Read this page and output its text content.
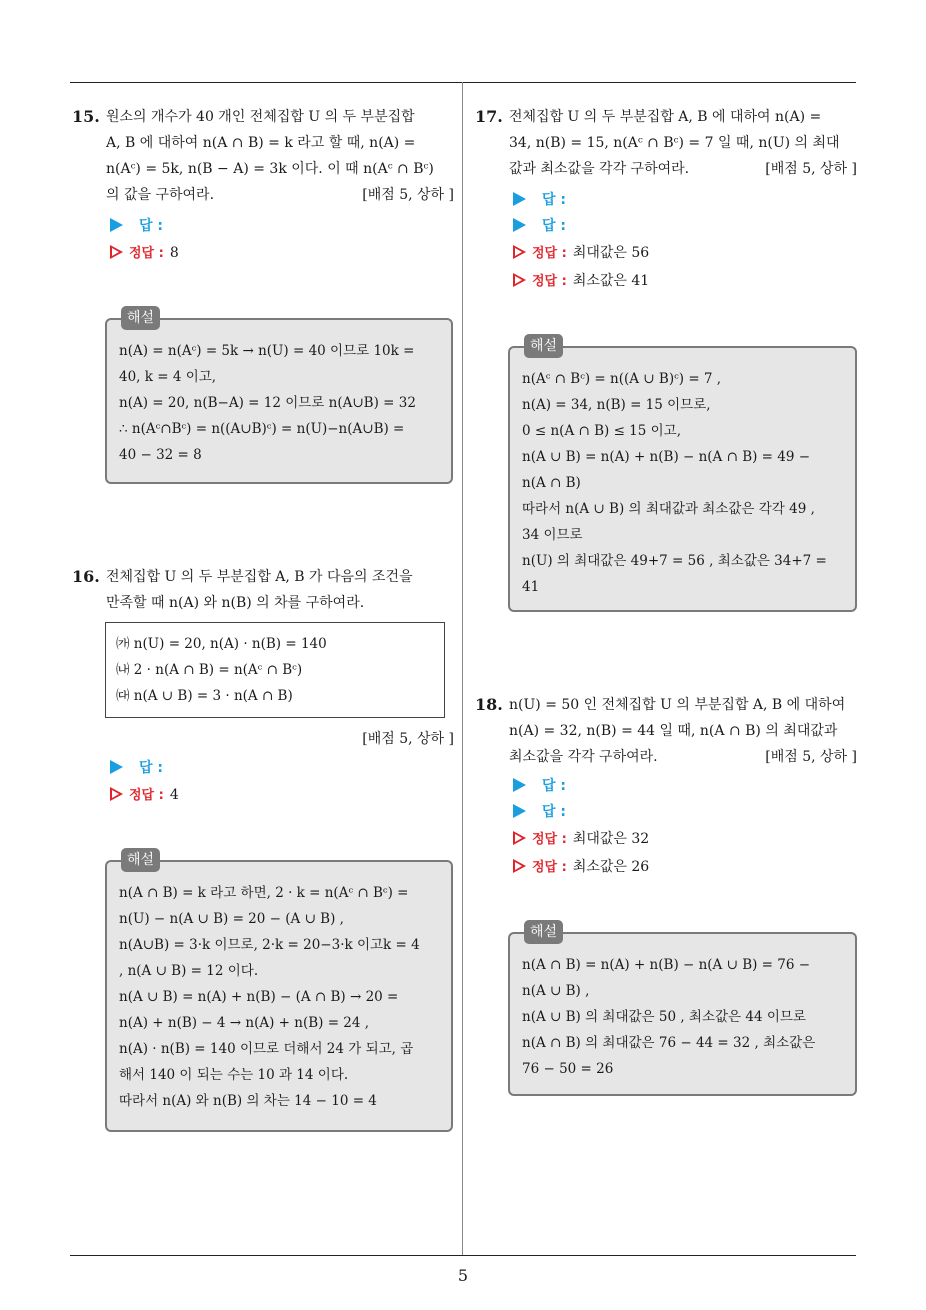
5
15. 원소의 개수가 40 개인 전체집합 U 의 두 부분집합

A, B 에 대하여 n(A ∩ B) = k 라고 할 때, n(A) =

n(Aᶜ) = 5k, n(B − A) = 3k 이다. 이 때 n(Aᶜ ∩ Bᶜ)

의 값을 구하여라.	[배점 5, 상하 ]

답 :
정답 : 8
해설

n(A) = n(Aᶜ) = 5k → n(U) = 40 이므로 10k =

40, k = 4 이고,

n(A) = 20, n(B−A) = 12 이므로 n(A∪B) = 32

∴ n(Aᶜ∩Bᶜ) = n((A∪B)ᶜ) = n(U)−n(A∪B) =

40 − 32 = 8

16. 전체집합 U 의 두 부분집합 A, B 가 다음의 조건을

만족할 때 n(A) 와 n(B) 의 차를 구하여라.

㈎ n(U) = 20, n(A) · n(B) = 140

㈏ 2 · n(A ∩ B) = n(Aᶜ ∩ Bᶜ)

㈐ n(A ∪ B) = 3 · n(A ∩ B)

[배점 5, 상하 ]
답 :
정답 : 4
해설

n(A ∩ B) = k 라고 하면, 2 · k = n(Aᶜ ∩ Bᶜ) =

n(U) − n(A ∪ B) = 20 − (A ∪ B) ,

n(A∪B) = 3·k 이므로, 2·k = 20−3·k 이고k = 4

, n(A ∪ B) = 12 이다.

n(A ∪ B) = n(A) + n(B) − (A ∩ B) → 20 =

n(A) + n(B) − 4 → n(A) + n(B) = 24 ,

n(A) · n(B) = 140 이므로 더해서 24 가 되고, 곱

해서 140 이 되는 수는 10 과 14 이다.

따라서 n(A) 와 n(B) 의 차는 14 − 10 = 4

17. 전체집합 U 의 두 부분집합 A, B 에 대하여 n(A) =

34, n(B) = 15, n(Aᶜ ∩ Bᶜ) = 7 일 때, n(U) 의 최대

값과 최소값을 각각 구하여라.	[배점 5, 상하 ]

답 :
답 :
정답 : 최대값은 56
정답 : 최소값은 41
해설

n(Aᶜ ∩ Bᶜ) = n((A ∪ B)ᶜ) = 7 ,

n(A) = 34, n(B) = 15 이므로,

0 ≤ n(A ∩ B) ≤ 15 이고,

n(A ∪ B) = n(A) + n(B) − n(A ∩ B) = 49 −

n(A ∩ B)

따라서 n(A ∪ B) 의 최대값과 최소값은 각각 49 ,

34 이므로

n(U) 의 최대값은 49+7 = 56 , 최소값은 34+7 =

41

18. n(U) = 50 인 전체집합 U 의 부분집합 A, B 에 대하여

n(A) = 32, n(B) = 44 일 때, n(A ∩ B) 의 최대값과

최소값을 각각 구하여라.	[배점 5, 상하 ]

답 :
답 :
정답 : 최대값은 32
정답 : 최소값은 26
해설

n(A ∩ B) = n(A) + n(B) − n(A ∪ B) = 76 −

n(A ∪ B) ,

n(A ∪ B) 의 최대값은 50 , 최소값은 44 이므로

n(A ∩ B) 의 최대값은 76 − 44 = 32 , 최소값은

76 − 50 = 26
